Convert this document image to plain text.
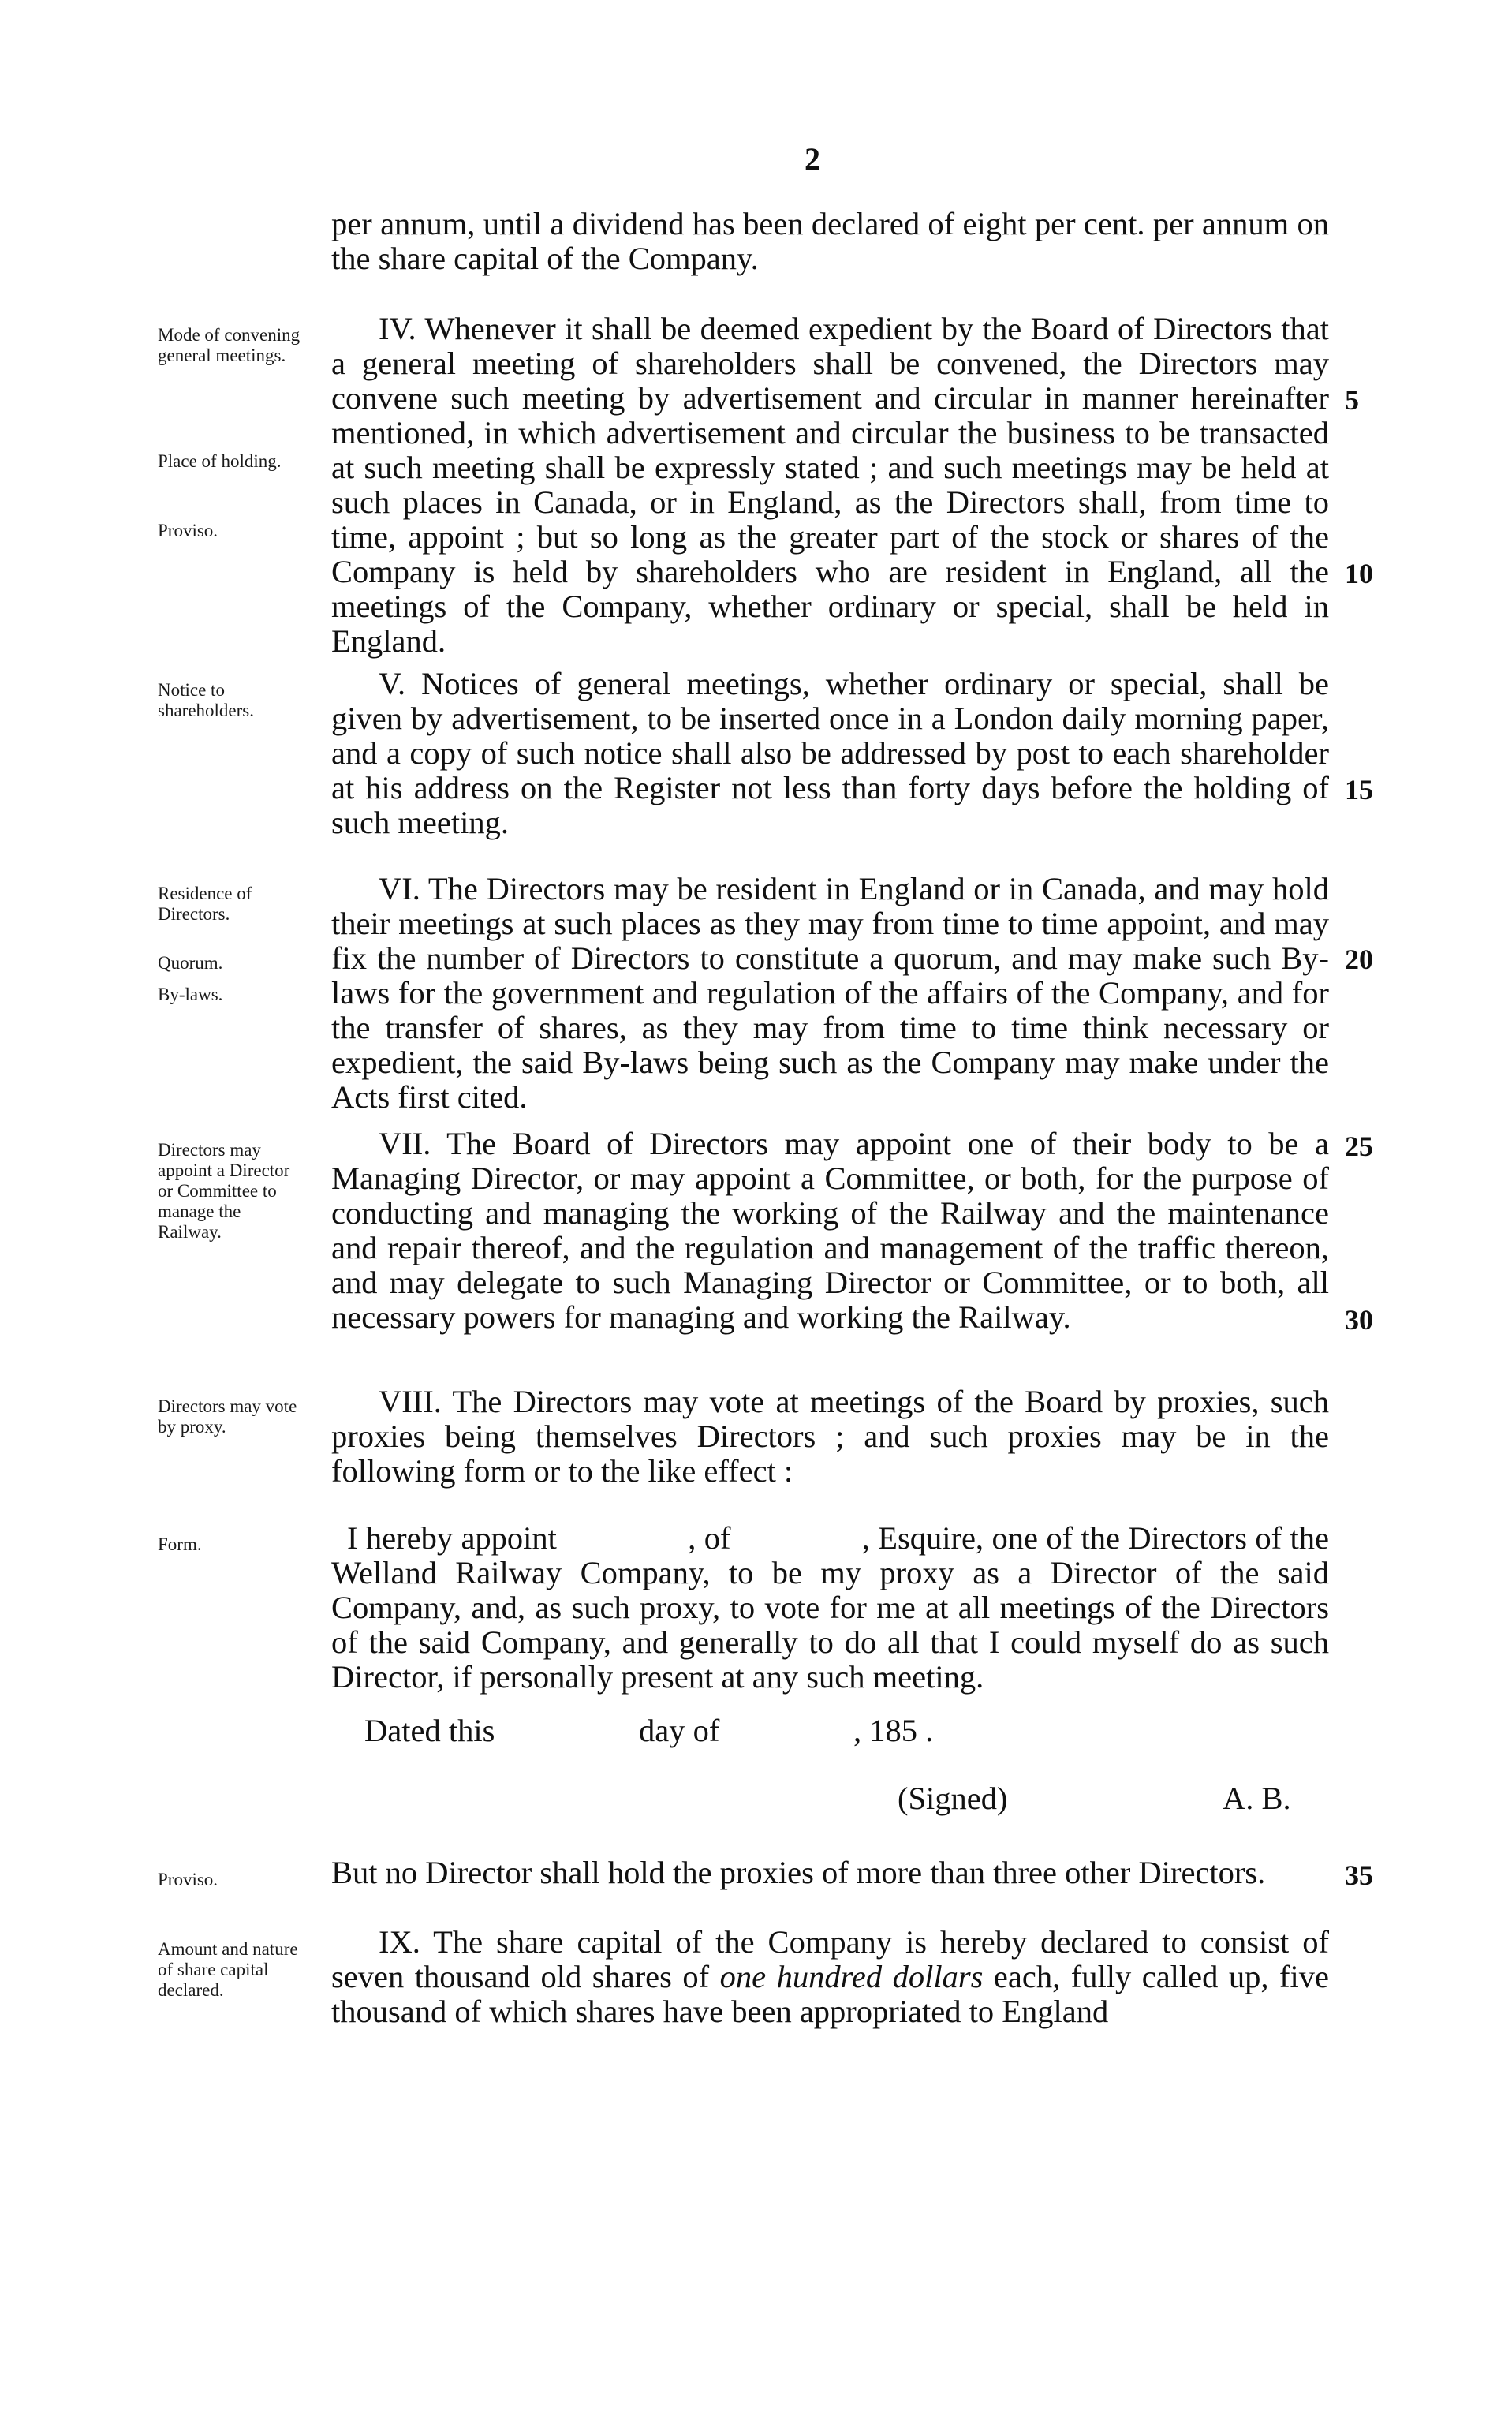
2

per annum, until a dividend has been declared of eight per cent. per annum on the share capital of the Company.

Mode of convening general meetings.

IV. Whenever it shall be deemed expedient by the Board of Directors that a general meeting of shareholders shall be convened, the Directors may convene such meeting by advertisement and circular in manner hereinafter mentioned, in which advertisement and circular the business to be transacted at such meeting shall be expressly stated ; and such meetings may be held at such places in Canada, or in England, as the Directors shall, from time to time, appoint ; but so long as the greater part of the stock or shares of the Company is held by shareholders who are resident in England, all the meetings of the Company, whether ordinary or special, shall be held in England.

Place of holding.

Proviso.

Notice to shareholders.

V. Notices of general meetings, whether ordinary or special, shall be given by advertisement, to be inserted once in a London daily morning paper, and a copy of such notice shall also be addressed by post to each shareholder at his address on the Register not less than forty days before the holding of such meeting.

Residence of Directors.

Quorum.

By-laws.

VI. The Directors may be resident in England or in Canada, and may hold their meetings at such places as they may from time to time appoint, and may fix the number of Directors to constitute a quorum, and may make such By-laws for the government and regulation of the affairs of the Company, and for the transfer of shares, as they may from time to time think necessary or expedient, the said By-laws being such as the Company may make under the Acts first cited.

Directors may appoint a Director or Committee to manage the Railway.

VII. The Board of Directors may appoint one of their body to be a Managing Director, or may appoint a Committee, or both, for the purpose of conducting and managing the working of the Railway and the maintenance and repair thereof, and the regulation and management of the traffic thereon, and may delegate to such Managing Director or Committee, or to both, all necessary powers for managing and working the Railway.

Directors may vote by proxy.

VIII. The Directors may vote at meetings of the Board by proxies, such proxies being themselves Directors ; and such proxies may be in the following form or to the like effect :

Form.	I hereby appoint                , of                , Esquire, one of the Directors of the Welland Railway Company, to be my proxy as a Director of the said Company, and, as such proxy, to vote for me at all meetings of the Directors of the said Company, and generally to do all that I could myself do as such Director, if personally present at any such meeting.

Dated this	day of	, 185 .
(Signed)	A. B.

Proviso.	But no Director shall hold the proxies of more than three other Directors.

Amount and nature of share capital declared.

IX. The share capital of the Company is hereby declared to consist of seven thousand old shares of one hundred dollars each, fully called up, five thousand of which shares have been appropriated to England

5
10
15
20
25
30
35
